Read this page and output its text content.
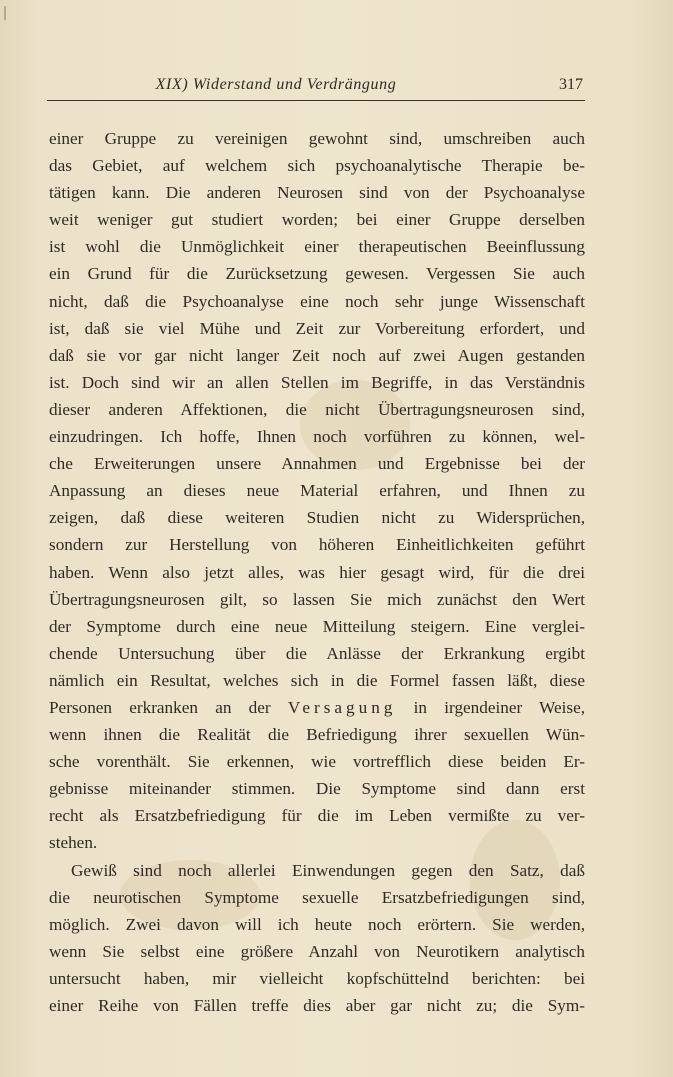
XIX) Widerstand und Verdrängung	317
einer Gruppe zu vereinigen gewohnt sind, umschreiben auch
das Gebiet, auf welchem sich psychoanalytische Therapie be-
tätigen kann. Die anderen Neurosen sind von der Psychoanalyse
weit weniger gut studiert worden; bei einer Gruppe derselben
ist wohl die Unmöglichkeit einer therapeutischen Beeinflussung
ein Grund für die Zurücksetzung gewesen. Vergessen Sie auch
nicht, daß die Psychoanalyse eine noch sehr junge Wissenschaft
ist, daß sie viel Mühe und Zeit zur Vorbereitung erfordert, und
daß sie vor gar nicht langer Zeit noch auf zwei Augen gestanden
ist. Doch sind wir an allen Stellen im Begriffe, in das Verständnis
dieser anderen Affektionen, die nicht Übertragungsneurosen sind,
einzudringen. Ich hoffe, Ihnen noch vorführen zu können, wel-
che Erweiterungen unsere Annahmen und Ergebnisse bei der
Anpassung an dieses neue Material erfahren, und Ihnen zu
zeigen, daß diese weiteren Studien nicht zu Widersprüchen,
sondern zur Herstellung von höheren Einheitlichkeiten geführt
haben. Wenn also jetzt alles, was hier gesagt wird, für die drei
Übertragungsneurosen gilt, so lassen Sie mich zunächst den Wert
der Symptome durch eine neue Mitteilung steigern. Eine verglei-
chende Untersuchung über die Anlässe der Erkrankung ergibt
nämlich ein Resultat, welches sich in die Formel fassen läßt, diese
Personen erkranken an der Versagung in irgendeiner Weise,
wenn ihnen die Realität die Befriedigung ihrer sexuellen Wün-
sche vorenthält. Sie erkennen, wie vortrefflich diese beiden Er-
gebnisse miteinander stimmen. Die Symptome sind dann erst
recht als Ersatzbefriedigung für die im Leben vermißte zu ver-
stehen.
Gewiß sind noch allerlei Einwendungen gegen den Satz, daß
die neurotischen Symptome sexuelle Ersatzbefriedigungen sind,
möglich. Zwei davon will ich heute noch erörtern. Sie werden,
wenn Sie selbst eine größere Anzahl von Neurotikern analytisch
untersucht haben, mir vielleicht kopfschüttelnd berichten: bei
einer Reihe von Fällen treffe dies aber gar nicht zu; die Sym-
